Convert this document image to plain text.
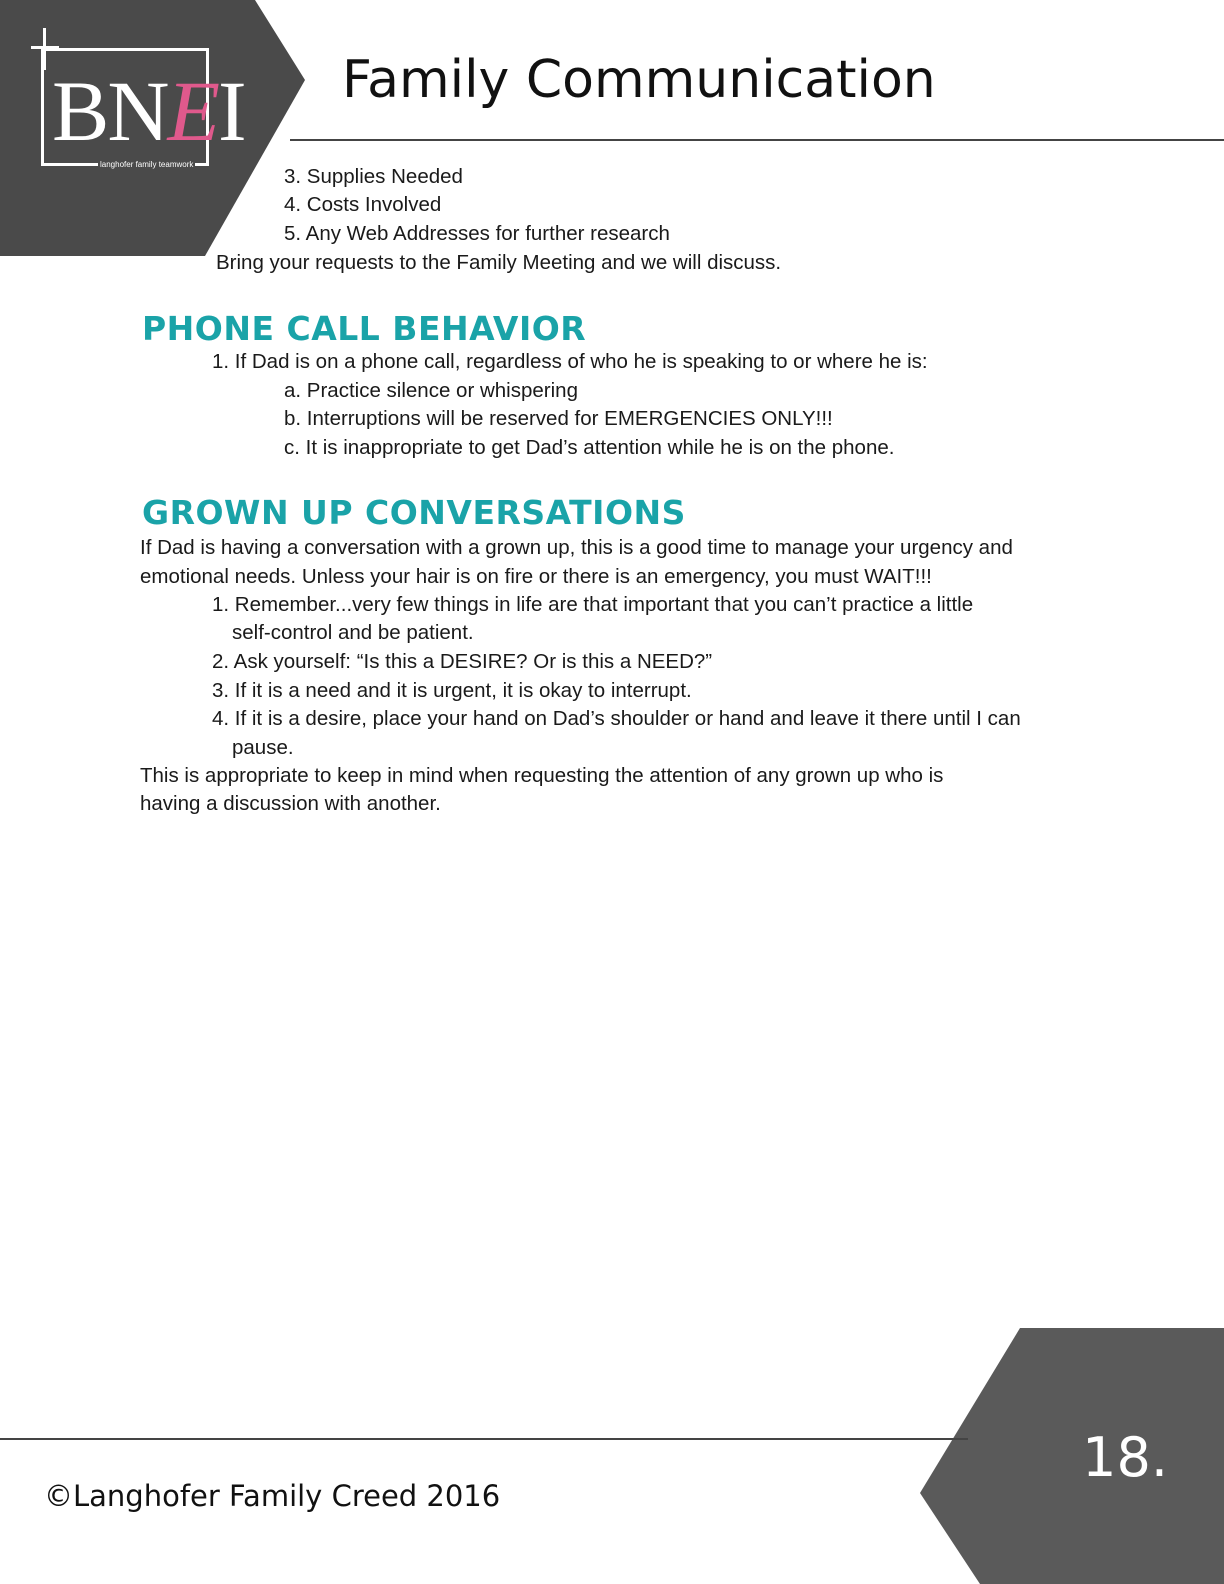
BNEI
langhofer family teamwork
Family Communication
3. Supplies Needed
4. Costs Involved
5. Any Web Addresses for further research
Bring your requests to the Family Meeting and we will discuss.
PHONE CALL BEHAVIOR
1. If Dad is on a phone call, regardless of who he is speaking to or where he is:
a. Practice silence or whispering
b. Interruptions will be reserved for EMERGENCIES ONLY!!!
c. It is inappropriate to get Dad’s attention while he is on the phone.
GROWN UP CONVERSATIONS
If Dad is having a conversation with a grown up, this is a good time to manage your urgency and
emotional needs. Unless your hair is on fire or there is an emergency, you must WAIT!!!
1. Remember...very few things in life are that important that you can’t practice a little
self-control and be patient.
2. Ask yourself: “Is this a DESIRE? Or is this a NEED?”
3. If it is a need and it is urgent, it is okay to interrupt.
4. If it is a desire, place your hand on Dad’s shoulder or hand and leave it there until I can
pause.
This is appropriate to keep in mind when requesting the attention of any grown up who is
having a discussion with another.
©Langhofer Family Creed 2016
18.
